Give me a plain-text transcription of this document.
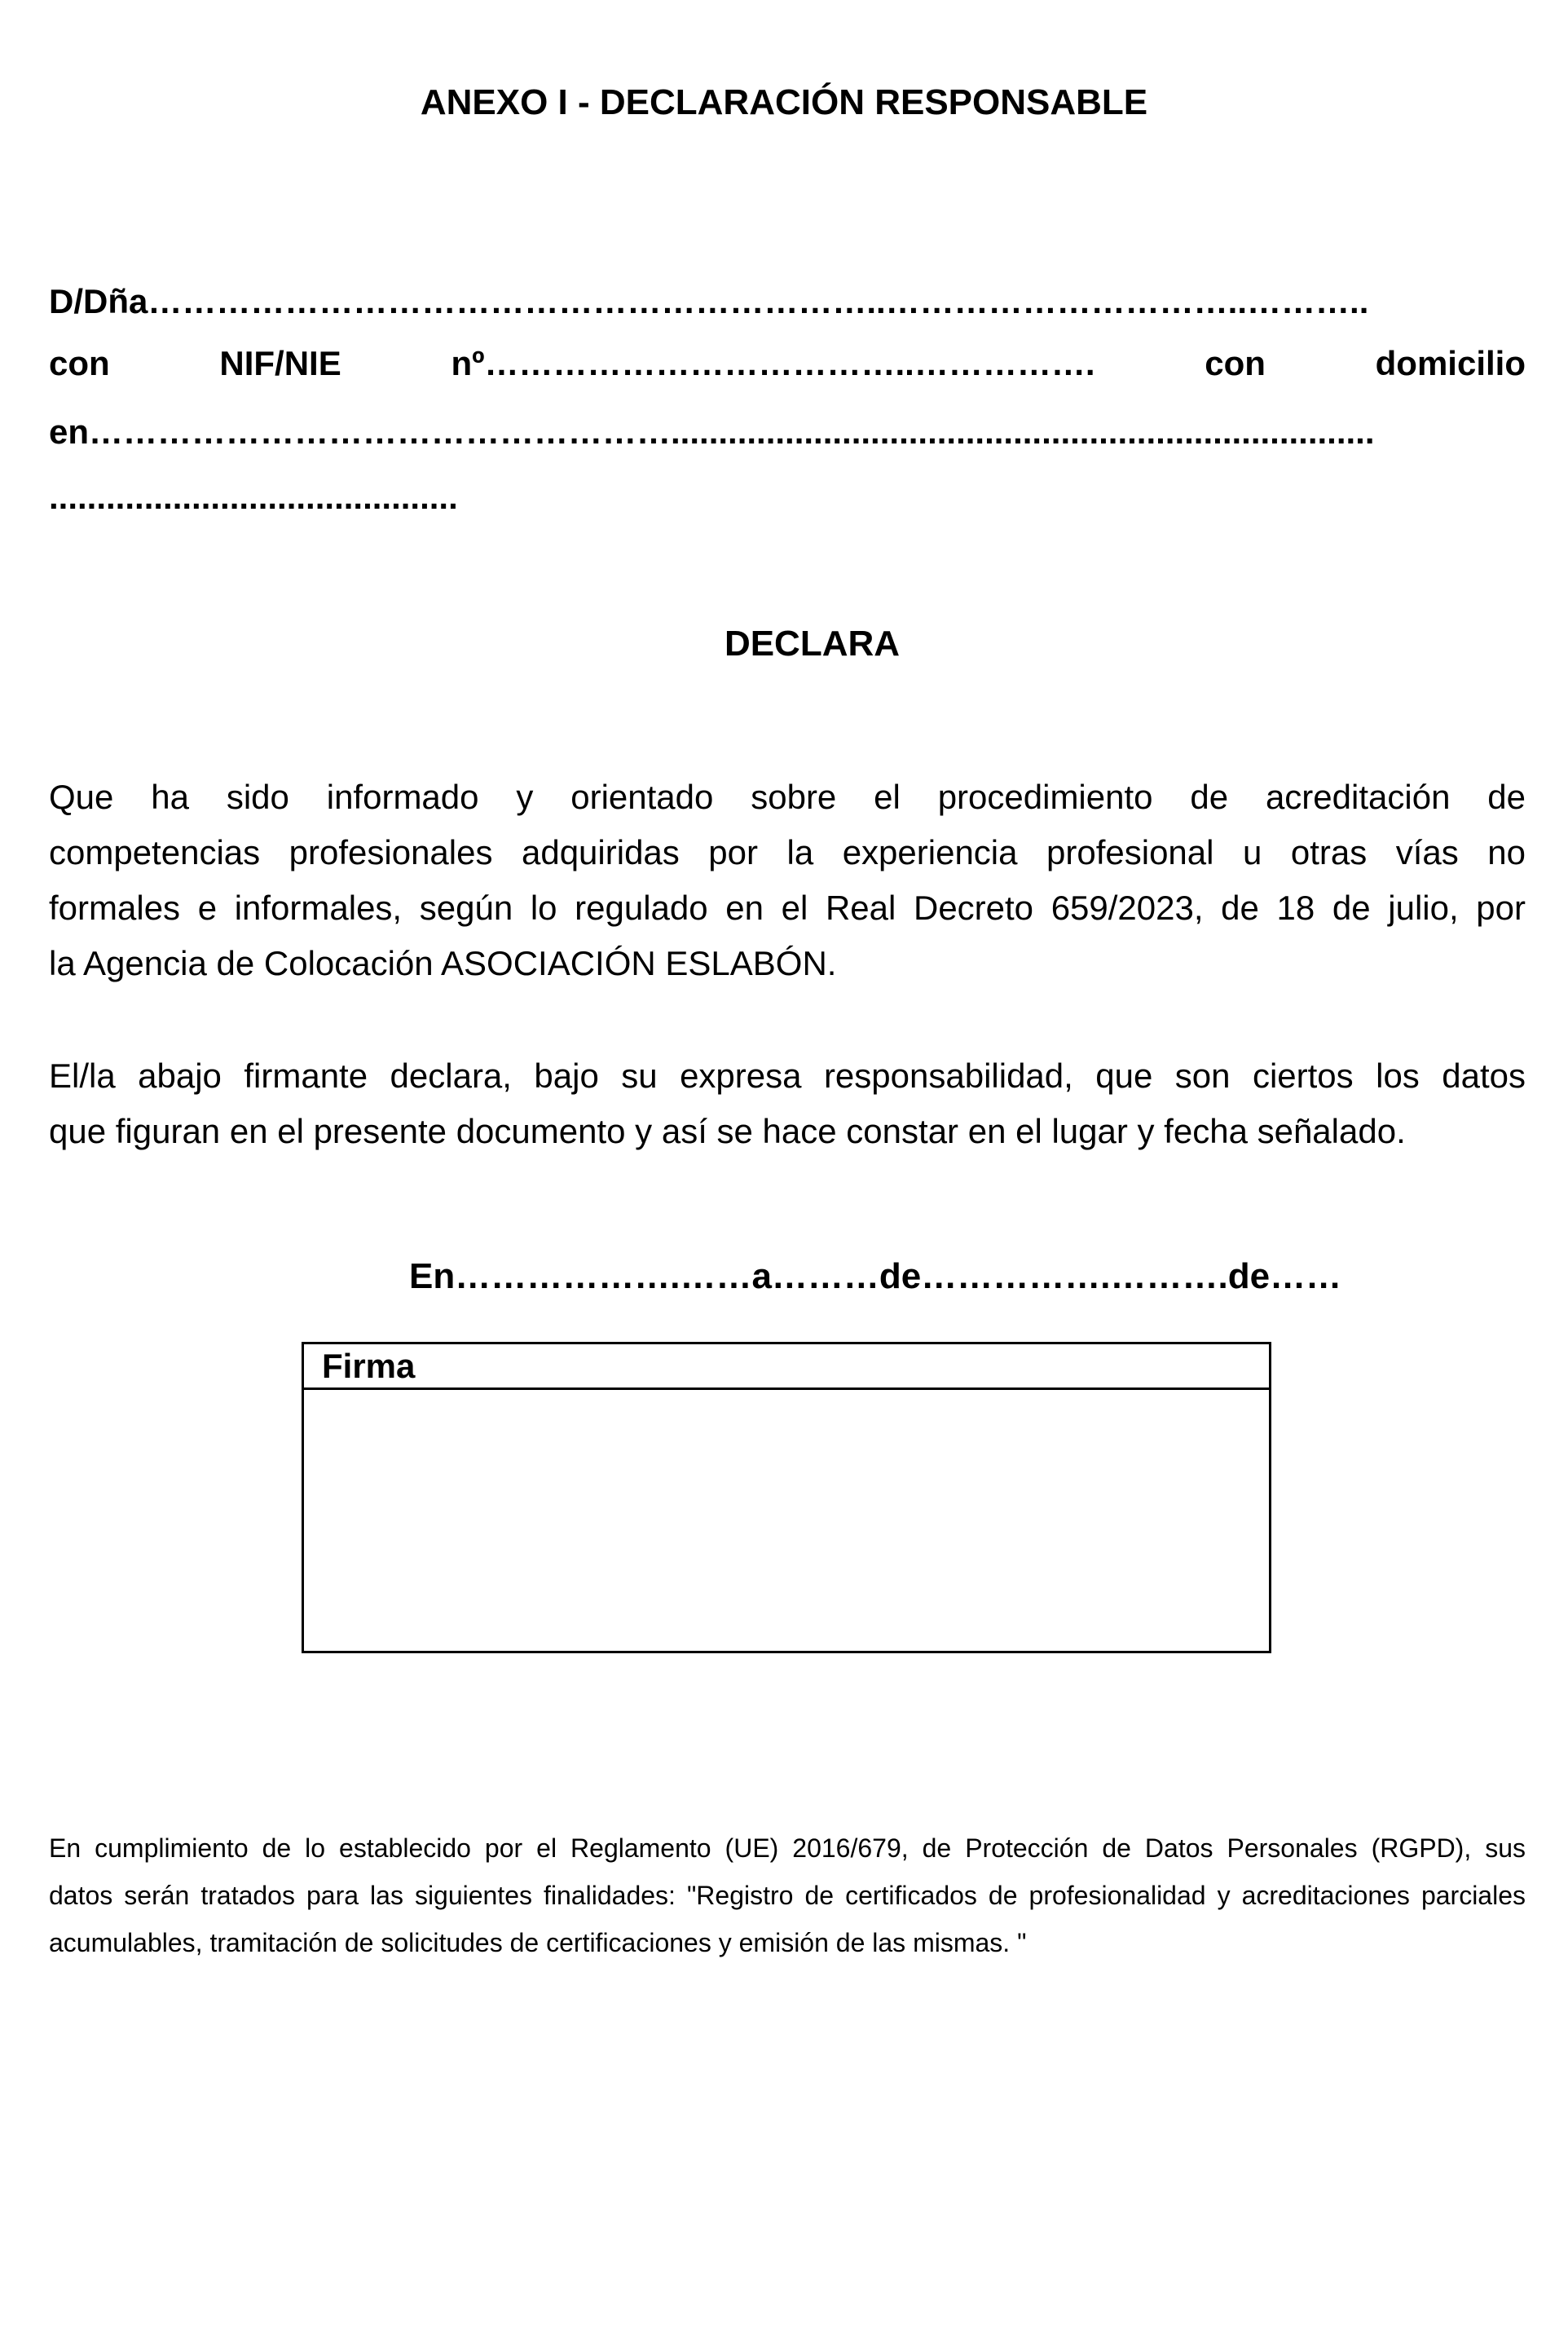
ANEXO I - DECLARACIÓN RESPONSABLE
D/Dña………………………………………………………..…………………………..………..
con	NIF/NIE	nº………………………………..…………….	con	domicilio
en……………………………………………..........................................................................
...........................................
DECLARA
Que ha sido informado y orientado sobre el procedimiento de acreditación de
competencias profesionales adquiridas por la experiencia profesional u otras vías no
formales e informales, según lo regulado en el Real Decreto 659/2023, de 18 de julio, por
la Agencia de Colocación ASOCIACIÓN ESLABÓN.
El/la abajo firmante declara, bajo su expresa responsabilidad, que son ciertos los datos
que figuran en el presente documento y así se hace constar en el lugar y fecha señalado.
En……………….……a………de…………….……….de……
Firma
En cumplimiento de lo establecido por el Reglamento (UE) 2016/679, de Protección de Datos Personales (RGPD), sus
datos serán tratados para las siguientes finalidades: "Registro de certificados de profesionalidad y acreditaciones parciales
acumulables, tramitación de solicitudes de certificaciones y emisión de las mismas. "
